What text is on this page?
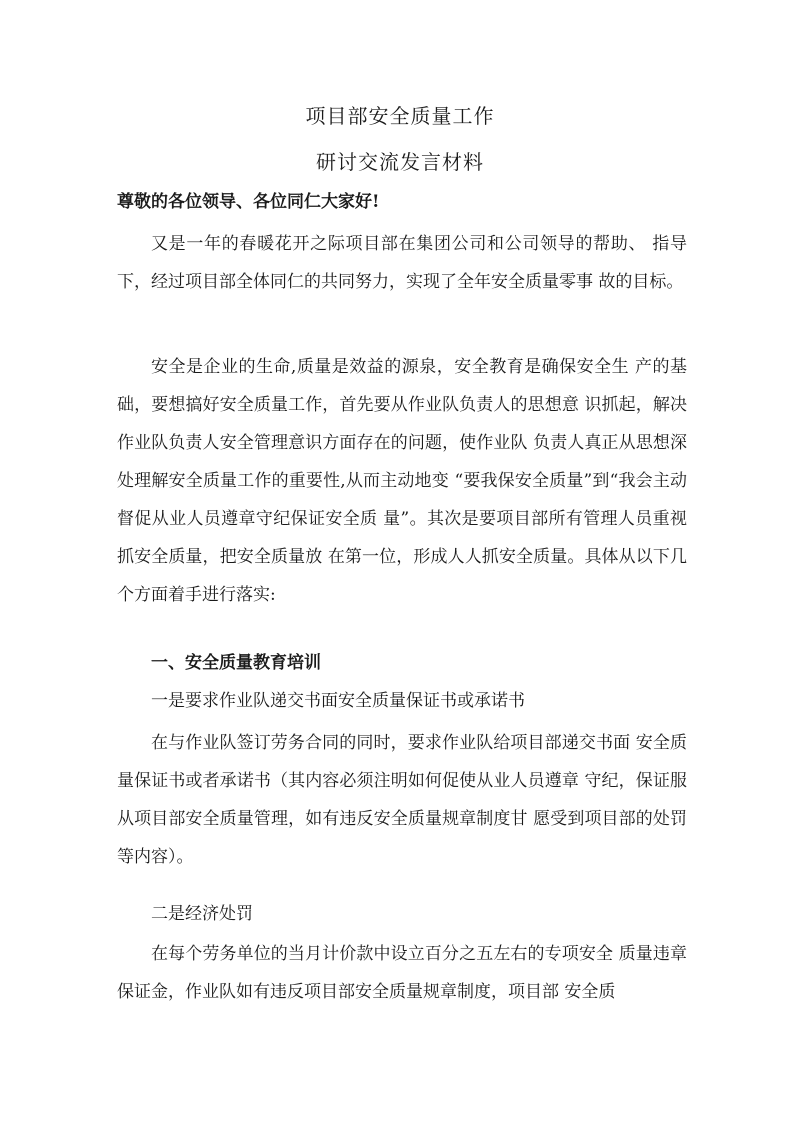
项目部安全质量工作
研讨交流发言材料

尊敬的各位领导、各位同仁大家好!

又是一年的春暖花开之际项目部在集团公司和公司领导的帮助、 指导下，经过项目部全体同仁的共同努力，实现了全年安全质量零事 故的目标。

安全是企业的生命,质量是效益的源泉，安全教育是确保安全生 产的基础，要想搞好安全质量工作，首先要从作业队负责人的思想意 识抓起，解决作业队负责人安全管理意识方面存在的问题，使作业队 负责人真正从思想深处理解安全质量工作的重要性,从而主动地变 “要我保安全质量”到“我会主动督促从业人员遵章守纪保证安全质 量”。其次是要项目部所有管理人员重视抓安全质量，把安全质量放 在第一位，形成人人抓安全质量。具体从以下几个方面着手进行落实:

一、安全质量教育培训

一是要求作业队递交书面安全质量保证书或承诺书

在与作业队签订劳务合同的同时，要求作业队给项目部递交书面 安全质量保证书或者承诺书（其内容必须注明如何促使从业人员遵章 守纪，保证服从项目部安全质量管理，如有违反安全质量规章制度甘 愿受到项目部的处罚等内容）。

二是经济处罚

在每个劳务单位的当月计价款中设立百分之五左右的专项安全 质量违章保证金，作业队如有违反项目部安全质量规章制度，项目部 安全质
